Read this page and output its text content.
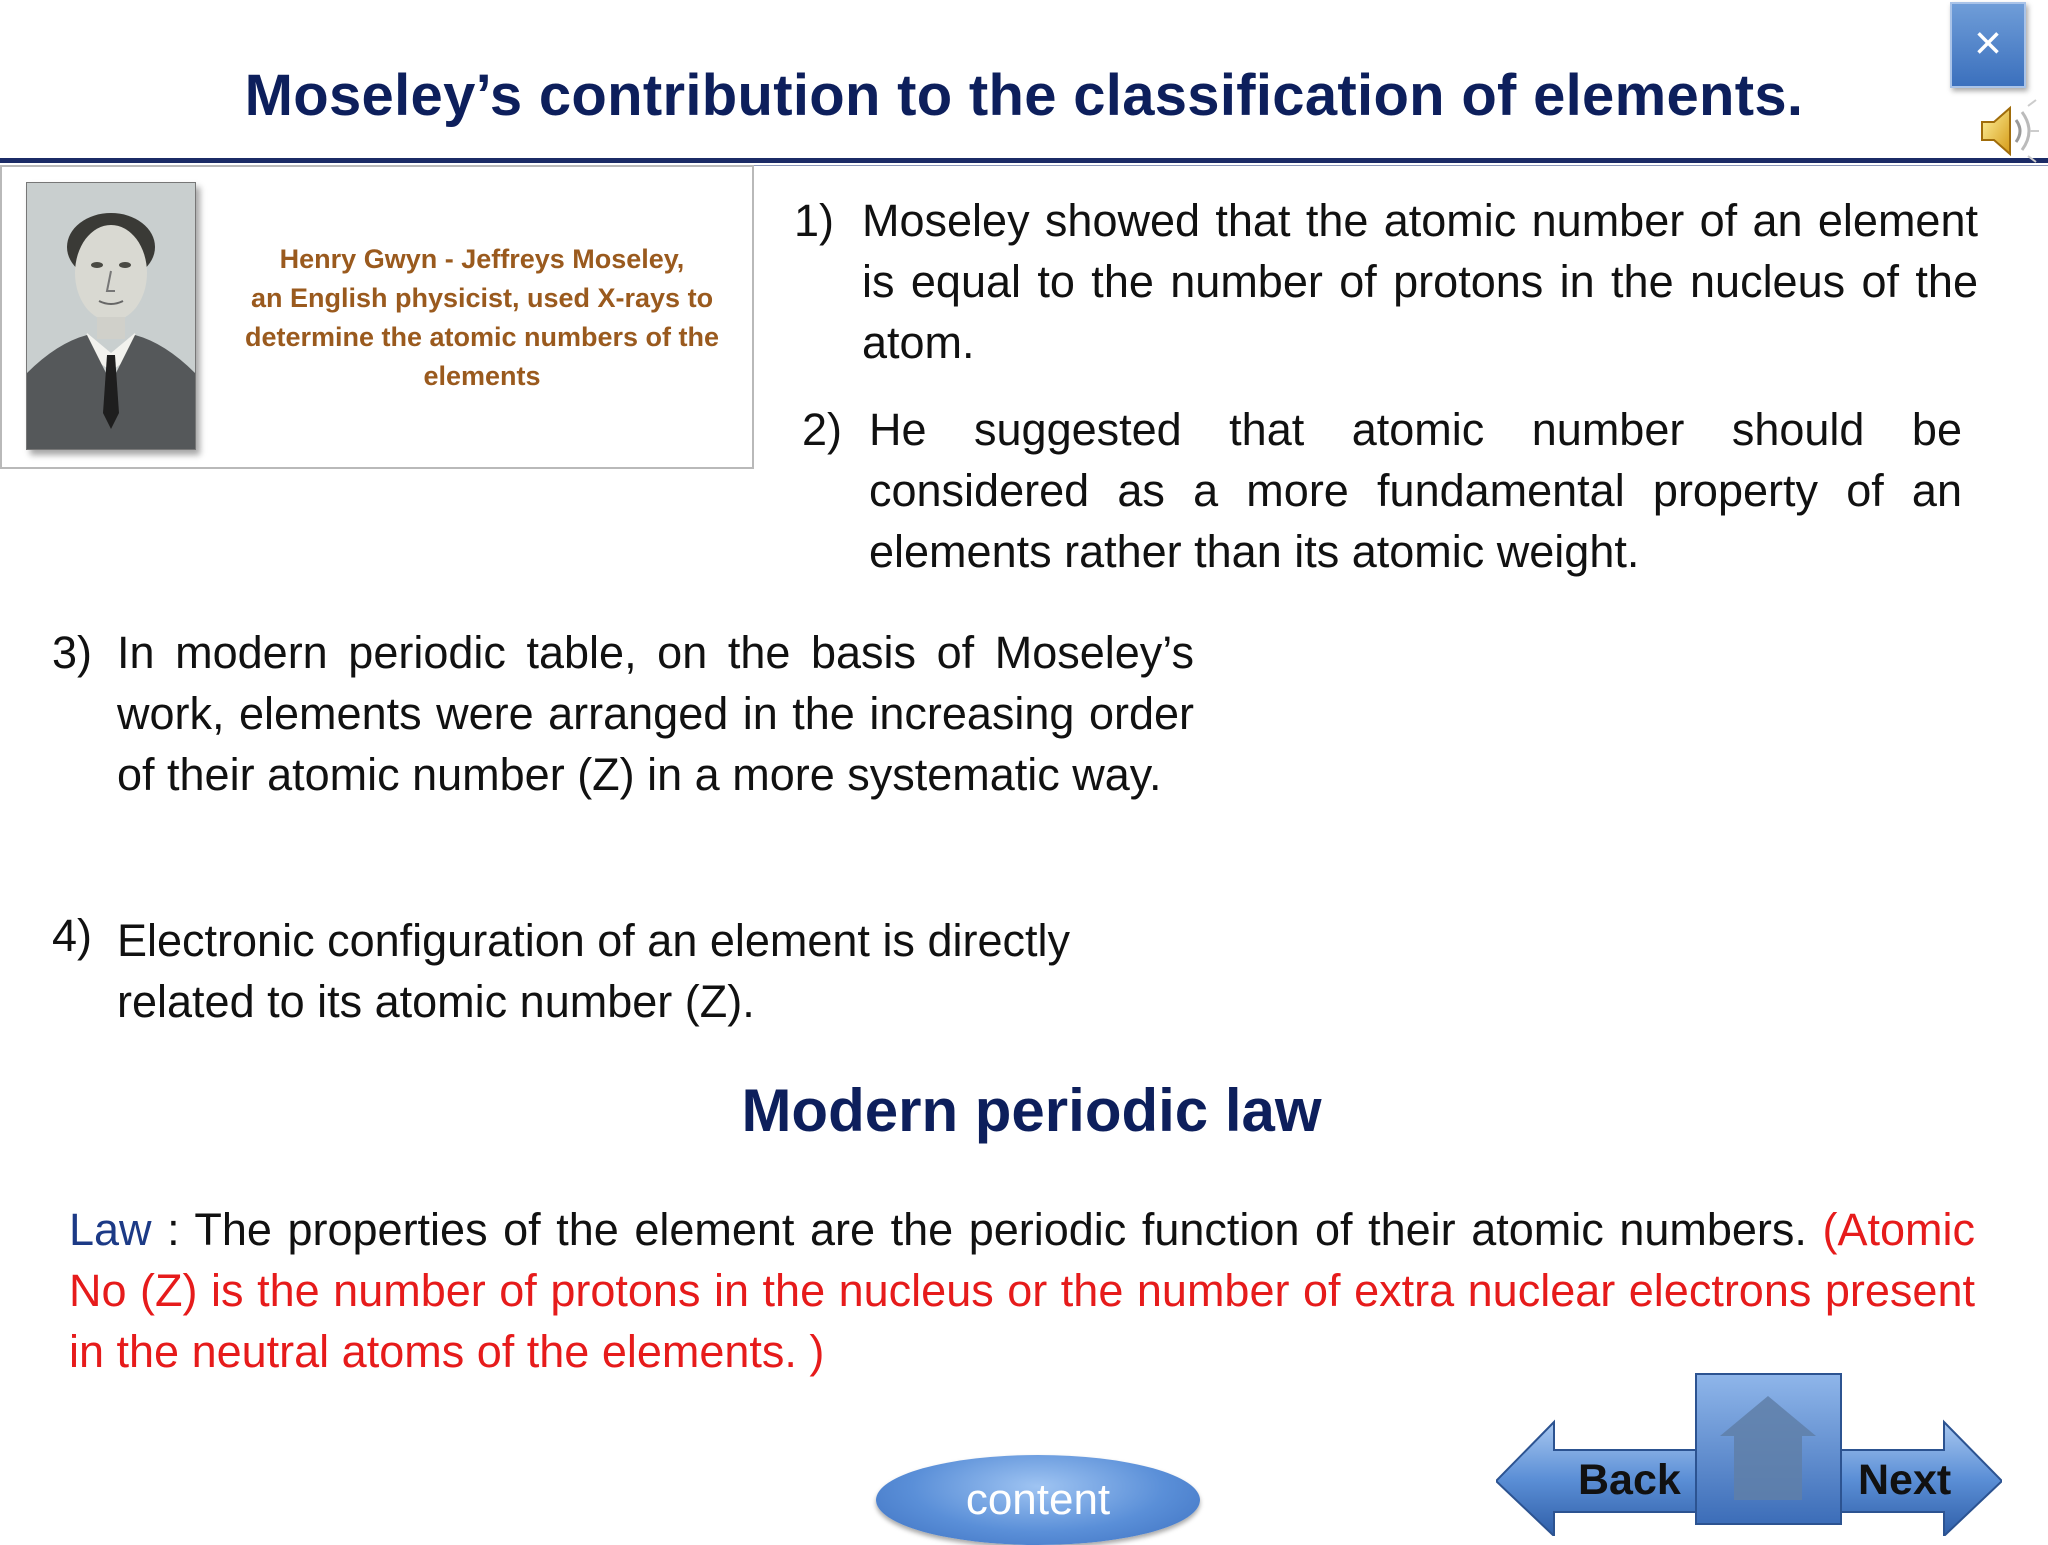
Moseley’s contribution to the classification of elements.
×
Henry Gwyn - Jeffreys Moseley,
an English physicist, used X-rays to
determine the atomic numbers of the
elements
1) Moseley showed that the atomic number of an element is equal to the number of protons in the nucleus of the atom.
2) He suggested that atomic number should be considered as a more fundamental property of an elements rather than its atomic weight.
3) In modern periodic table, on the basis of Moseley’s work, elements were arranged in the increasing order of their atomic number (Z) in a more systematic way.
4) Electronic configuration of an element is directly related to its atomic number (Z).
Modern periodic law
Law : The properties of the element are the periodic function of their atomic numbers. (Atomic No (Z) is the number of protons in the nucleus or the number of extra nuclear electrons present in the neutral atoms of the elements. )
content	Back	Next
